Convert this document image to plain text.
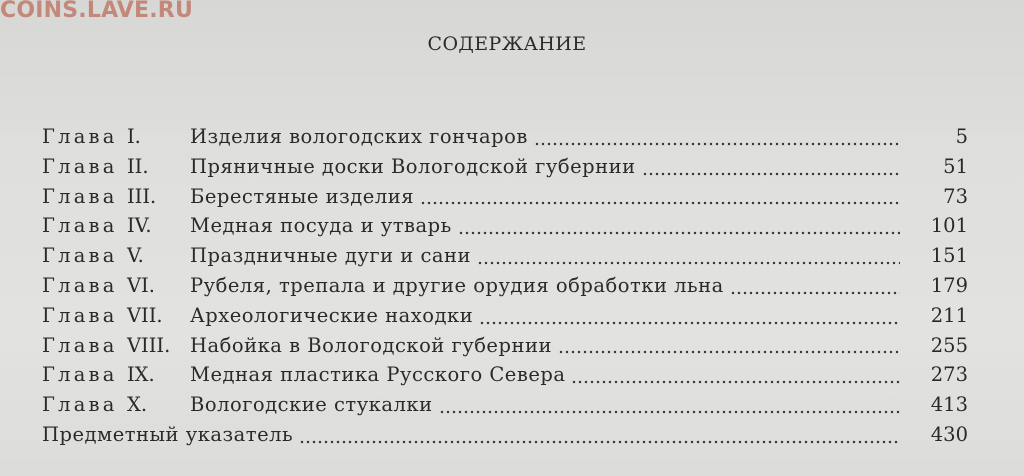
COINS.LAVE.RU
СОДЕРЖАНИЕ
Глава I.	Изделия вологодских гончаров	5
Глава II. Пряничные доски Вологодской губернии	51
Глава III. Берестяные изделия	73
Глава IV. Медная посуда и утварь	101
Глава V. Праздничные дуги и сани	151
Глава VI. Рубеля, трепала и другие орудия обработки льна	179
Глава VII. Археологические находки	211
Глава VIII. Набойка в Вологодской губернии	255
Глава IX. Медная пластика Русского Севера	273
Глава X. Вологодские стукалки	413
Предметный указатель	430
